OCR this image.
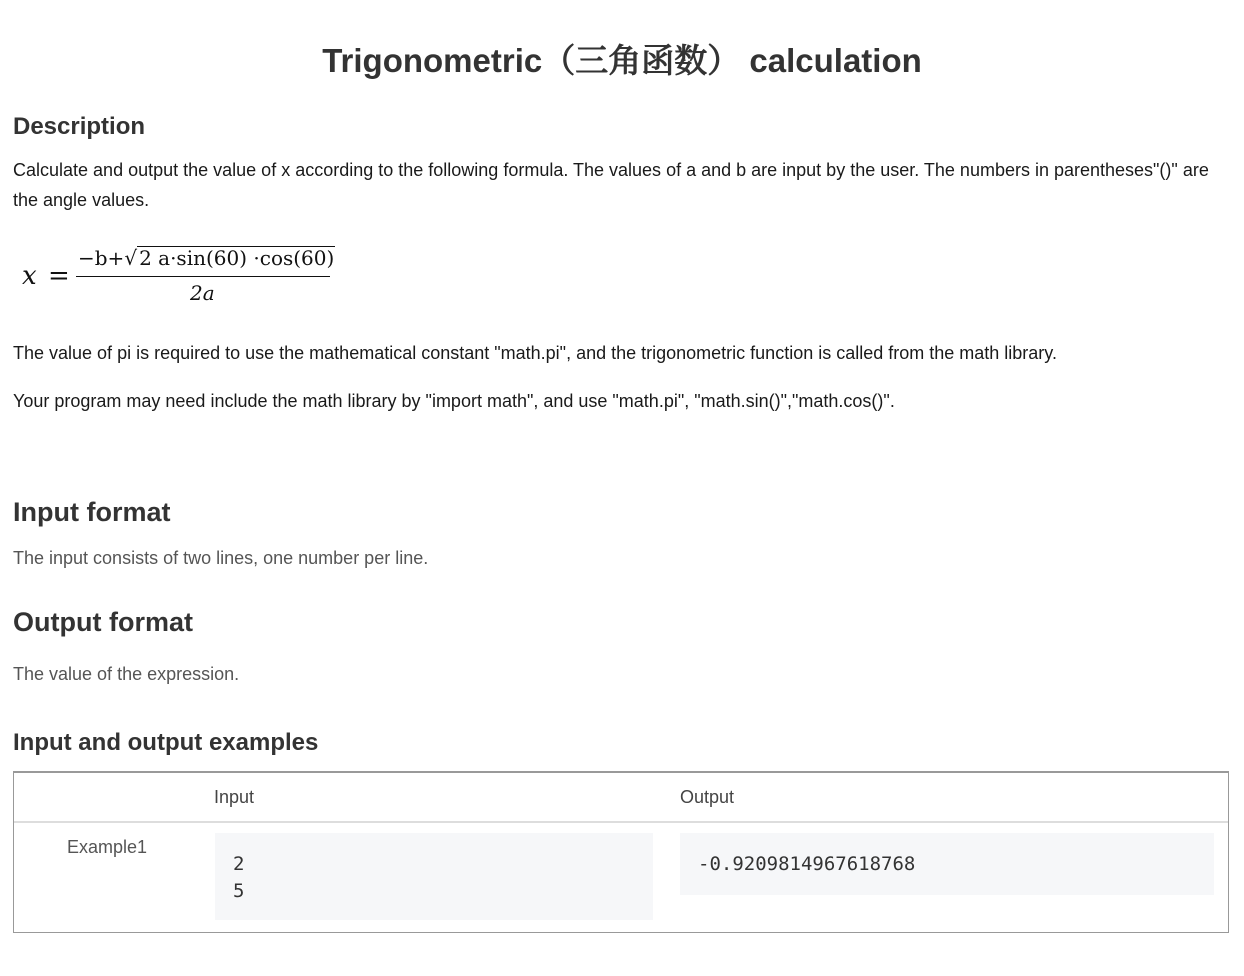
Trigonometric（三角函数） calculation
Description

Calculate and output the value of x according to the following formula. The values of a and b are input by the user. The numbers in parentheses"()" are the angle values.

x =
−b+√ 2 a·sin(60) ·cos(60)
2a

The value of pi is required to use the mathematical constant "math.pi", and the trigonometric function is called from the math library.

Your program may need include the math library by "import math", and use "math.pi", "math.sin()","math.cos()".

Input format

The input consists of two lines, one number per line.

Output format

The value of the expression.

Input and output examples
Input	Output
Example1
2
5
-0.9209814967618768
